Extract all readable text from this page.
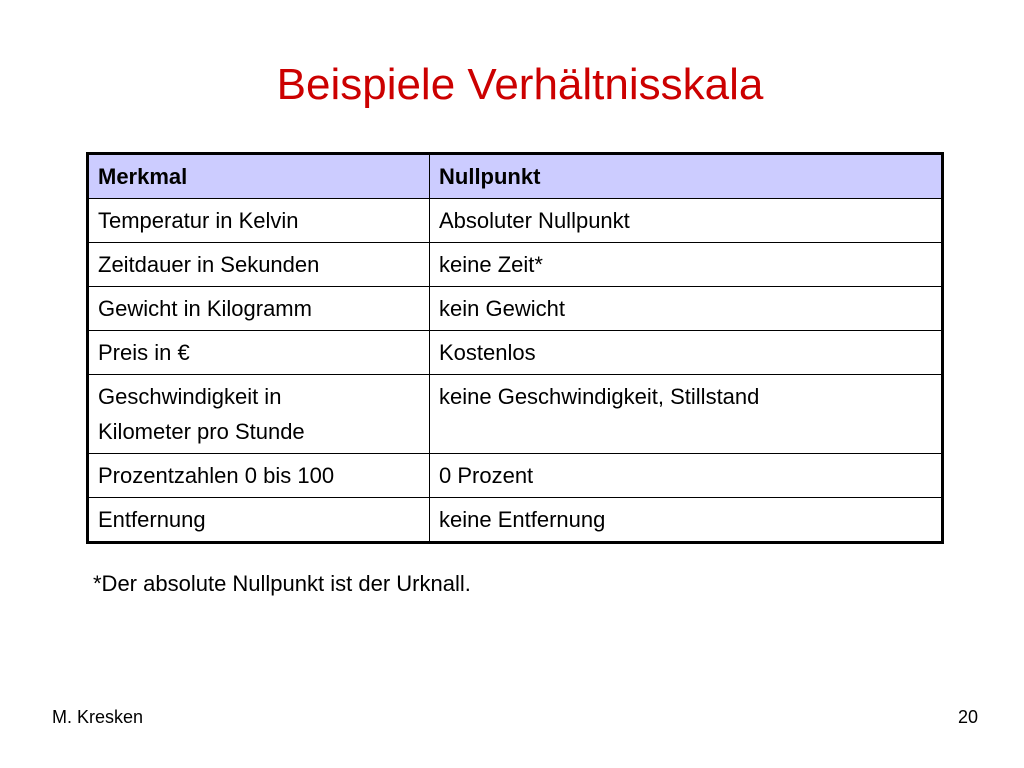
Beispiele Verhältnisskala
Merkmal	Nullpunkt
Temperatur in Kelvin	Absoluter Nullpunkt
Zeitdauer in Sekunden	keine Zeit*
Gewicht in Kilogramm	kein Gewicht
Preis in €	Kostenlos
Geschwindigkeit in
Kilometer pro Stunde	keine Geschwindigkeit, Stillstand
Prozentzahlen 0 bis 100	0 Prozent
Entfernung	keine Entfernung
*Der absolute Nullpunkt ist der Urknall.
M. Kresken	20
